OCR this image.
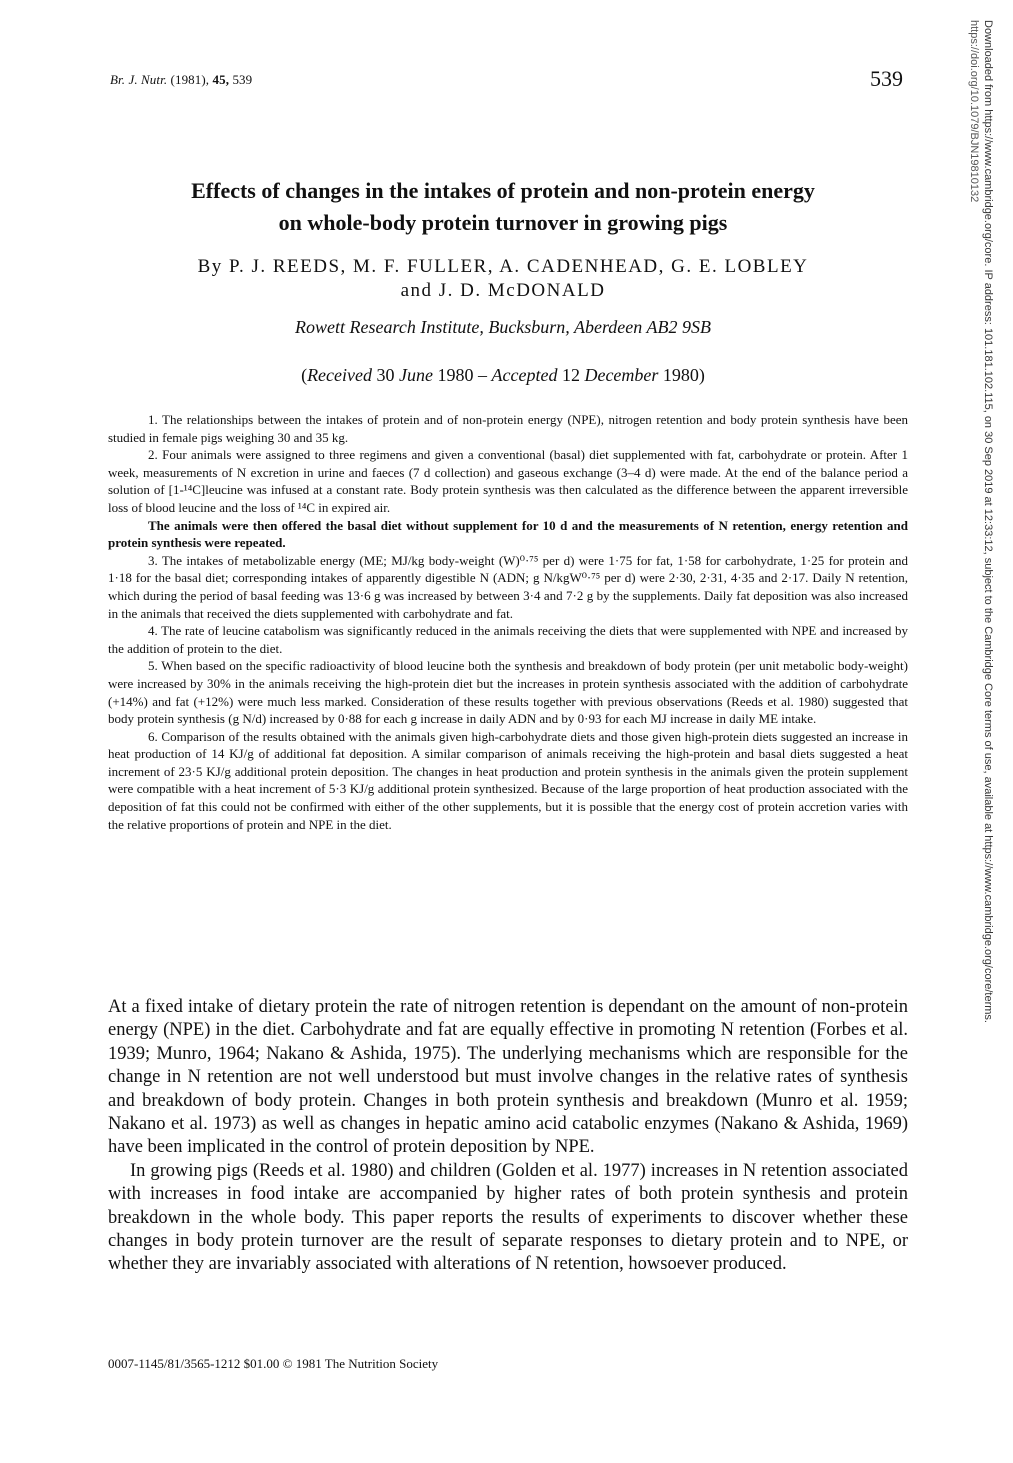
Br. J. Nutr. (1981), 45, 539	539
Effects of changes in the intakes of protein and non-protein energy
on whole-body protein turnover in growing pigs
By P. J. REEDS, M. F. FULLER, A. CADENHEAD, G. E. LOBLEY
and J. D. McDONALD
Rowett Research Institute, Bucksburn, Aberdeen AB2 9SB
(Received 30 June 1980 – Accepted 12 December 1980)

1. The relationships between the intakes of protein and of non-protein energy (NPE), nitrogen retention and body protein synthesis have been studied in female pigs weighing 30 and 35 kg.

2. Four animals were assigned to three regimens and given a conventional (basal) diet supplemented with fat, carbohydrate or protein. After 1 week, measurements of N excretion in urine and faeces (7 d collection) and gaseous exchange (3–4 d) were made. At the end of the balance period a solution of [1-¹⁴C]leucine was infused at a constant rate. Body protein synthesis was then calculated as the difference between the apparent irreversible loss of blood leucine and the loss of ¹⁴C in expired air.

The animals were then offered the basal diet without supplement for 10 d and the measurements of N retention, energy retention and protein synthesis were repeated.

3. The intakes of metabolizable energy (ME; MJ/kg body-weight (W)⁰·⁷⁵ per d) were 1·75 for fat, 1·58 for carbohydrate, 1·25 for protein and 1·18 for the basal diet; corresponding intakes of apparently digestible N (ADN; g N/kgW⁰·⁷⁵ per d) were 2·30, 2·31, 4·35 and 2·17. Daily N retention, which during the period of basal feeding was 13·6 g was increased by between 3·4 and 7·2 g by the supplements. Daily fat deposition was also increased in the animals that received the diets supplemented with carbohydrate and fat.

4. The rate of leucine catabolism was significantly reduced in the animals receiving the diets that were supplemented with NPE and increased by the addition of protein to the diet.

5. When based on the specific radioactivity of blood leucine both the synthesis and breakdown of body protein (per unit metabolic body-weight) were increased by 30% in the animals receiving the high-protein diet but the increases in protein synthesis associated with the addition of carbohydrate (+14%) and fat (+12%) were much less marked. Consideration of these results together with previous observations (Reeds et al. 1980) suggested that body protein synthesis (g N/d) increased by 0·88 for each g increase in daily ADN and by 0·93 for each MJ increase in daily ME intake.

6. Comparison of the results obtained with the animals given high-carbohydrate diets and those given high-protein diets suggested an increase in heat production of 14 KJ/g of additional fat deposition. A similar comparison of animals receiving the high-protein and basal diets suggested a heat increment of 23·5 KJ/g additional protein deposition. The changes in heat production and protein synthesis in the animals given the protein supplement were compatible with a heat increment of 5·3 KJ/g additional protein synthesized. Because of the large proportion of heat production associated with the deposition of fat this could not be confirmed with either of the other supplements, but it is possible that the energy cost of protein accretion varies with the relative proportions of protein and NPE in the diet.

At a fixed intake of dietary protein the rate of nitrogen retention is dependant on the amount of non-protein energy (NPE) in the diet. Carbohydrate and fat are equally effective in promoting N retention (Forbes et al. 1939; Munro, 1964; Nakano & Ashida, 1975). The underlying mechanisms which are responsible for the change in N retention are not well understood but must involve changes in the relative rates of synthesis and breakdown of body protein. Changes in both protein synthesis and breakdown (Munro et al. 1959; Nakano et al. 1973) as well as changes in hepatic amino acid catabolic enzymes (Nakano & Ashida, 1969) have been implicated in the control of protein deposition by NPE.

In growing pigs (Reeds et al. 1980) and children (Golden et al. 1977) increases in N retention associated with increases in food intake are accompanied by higher rates of both protein synthesis and protein breakdown in the whole body. This paper reports the results of experiments to discover whether these changes in body protein turnover are the result of separate responses to dietary protein and to NPE, or whether they are invariably associated with alterations of N retention, howsoever produced.

0007-1145/81/3565-1212 $01.00 © 1981 The Nutrition Society
Downloaded from https://www.cambridge.org/core. IP address: 101.181.102.115, on 30 Sep 2019 at 12:33:12, subject to the Cambridge Core terms of use, available at https://www.cambridge.org/core/terms.
https://doi.org/10.1079/BJN19810132
